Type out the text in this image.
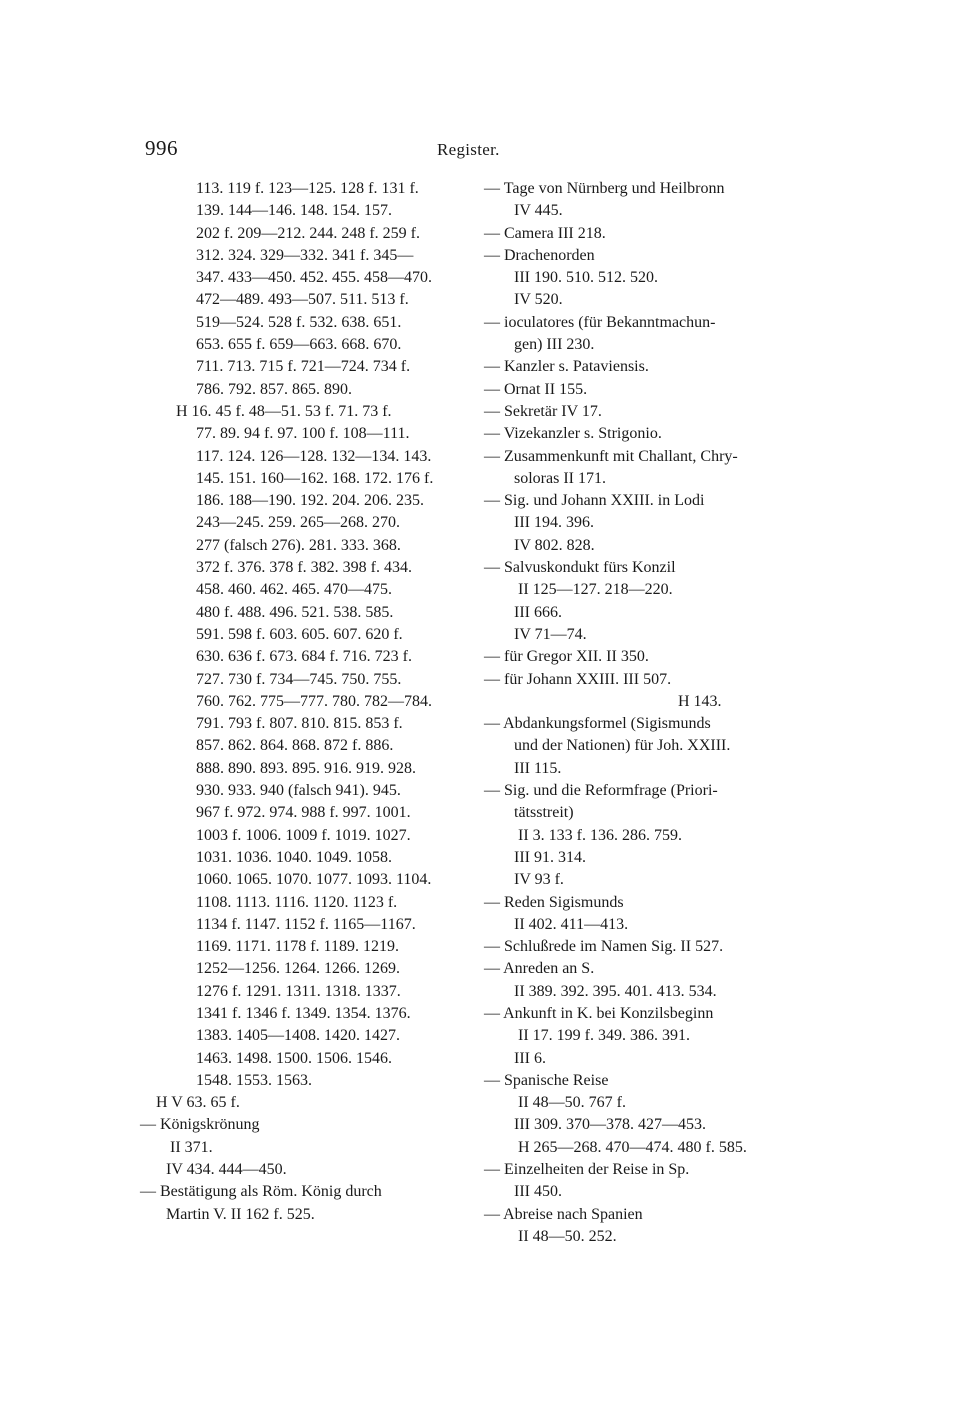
996	Register.
113. 119 f. 123—125. 128 f. 131 f.
139. 144—146. 148. 154. 157.
202 f. 209—212. 244. 248 f. 259 f.
312. 324. 329—332. 341 f. 345—
347. 433—450. 452. 455. 458—470.
472—489. 493—507. 511. 513 f.
519—524. 528 f. 532. 638. 651.
653. 655 f. 659—663. 668. 670.
711. 713. 715 f. 721—724. 734 f.
786. 792. 857. 865. 890.
H 16. 45 f. 48—51. 53 f. 71. 73 f.
77. 89. 94 f. 97. 100 f. 108—111.
117. 124. 126—128. 132—134. 143.
145. 151. 160—162. 168. 172. 176 f.
186. 188—190. 192. 204. 206. 235.
243—245. 259. 265—268. 270.
277 (falsch 276). 281. 333. 368.
372 f. 376. 378 f. 382. 398 f. 434.
458. 460. 462. 465. 470—475.
480 f. 488. 496. 521. 538. 585.
591. 598 f. 603. 605. 607. 620 f.
630. 636 f. 673. 684 f. 716. 723 f.
727. 730 f. 734—745. 750. 755.
760. 762. 775—777. 780. 782—784.
791. 793 f. 807. 810. 815. 853 f.
857. 862. 864. 868. 872 f. 886.
888. 890. 893. 895. 916. 919. 928.
930. 933. 940 (falsch 941). 945.
967 f. 972. 974. 988 f. 997. 1001.
1003 f. 1006. 1009 f. 1019. 1027.
1031. 1036. 1040. 1049. 1058.
1060. 1065. 1070. 1077. 1093. 1104.
1108. 1113. 1116. 1120. 1123 f.
1134 f. 1147. 1152 f. 1165—1167.
1169. 1171. 1178 f. 1189. 1219.
1252—1256. 1264. 1266. 1269.
1276 f. 1291. 1311. 1318. 1337.
1341 f. 1346 f. 1349. 1354. 1376.
1383. 1405—1408. 1420. 1427.
1463. 1498. 1500. 1506. 1546.
1548. 1553. 1563.
H V 63. 65 f.
— Königskrönung
II 371.
IV 434. 444—450.
— Bestätigung als Röm. König durch
Martin V. II 162 f. 525.
— Tage von Nürnberg und Heilbronn
IV 445.
— Camera III 218.
— Drachenorden
III 190. 510. 512. 520.
IV 520.
— ioculatores (für Bekanntmachun-
gen) III 230.
— Kanzler s. Pataviensis.
— Ornat II 155.
— Sekretär IV 17.
— Vizekanzler s. Strigonio.
— Zusammenkunft mit Challant, Chry-
soloras II 171.
— Sig. und Johann XXIII. in Lodi
III 194. 396.
IV 802. 828.
— Salvuskondukt fürs Konzil
II 125—127. 218—220.
III 666.
IV 71—74.
— für Gregor XII. II 350.
— für Johann XXIII. III 507.
H 143.
— Abdankungsformel (Sigismunds
und der Nationen) für Joh. XXIII.
III 115.
— Sig. und die Reformfrage (Priori-
tätsstreit)
II 3. 133 f. 136. 286. 759.
III 91. 314.
IV 93 f.
— Reden Sigismunds
II 402. 411—413.
— Schlußrede im Namen Sig. II 527.
— Anreden an S.
II 389. 392. 395. 401. 413. 534.
— Ankunft in K. bei Konzilsbeginn
II 17. 199 f. 349. 386. 391.
III 6.
— Spanische Reise
II 48—50. 767 f.
III 309. 370—378. 427—453.
H 265—268. 470—474. 480 f. 585.
— Einzelheiten der Reise in Sp.
III 450.
— Abreise nach Spanien
II 48—50. 252.
